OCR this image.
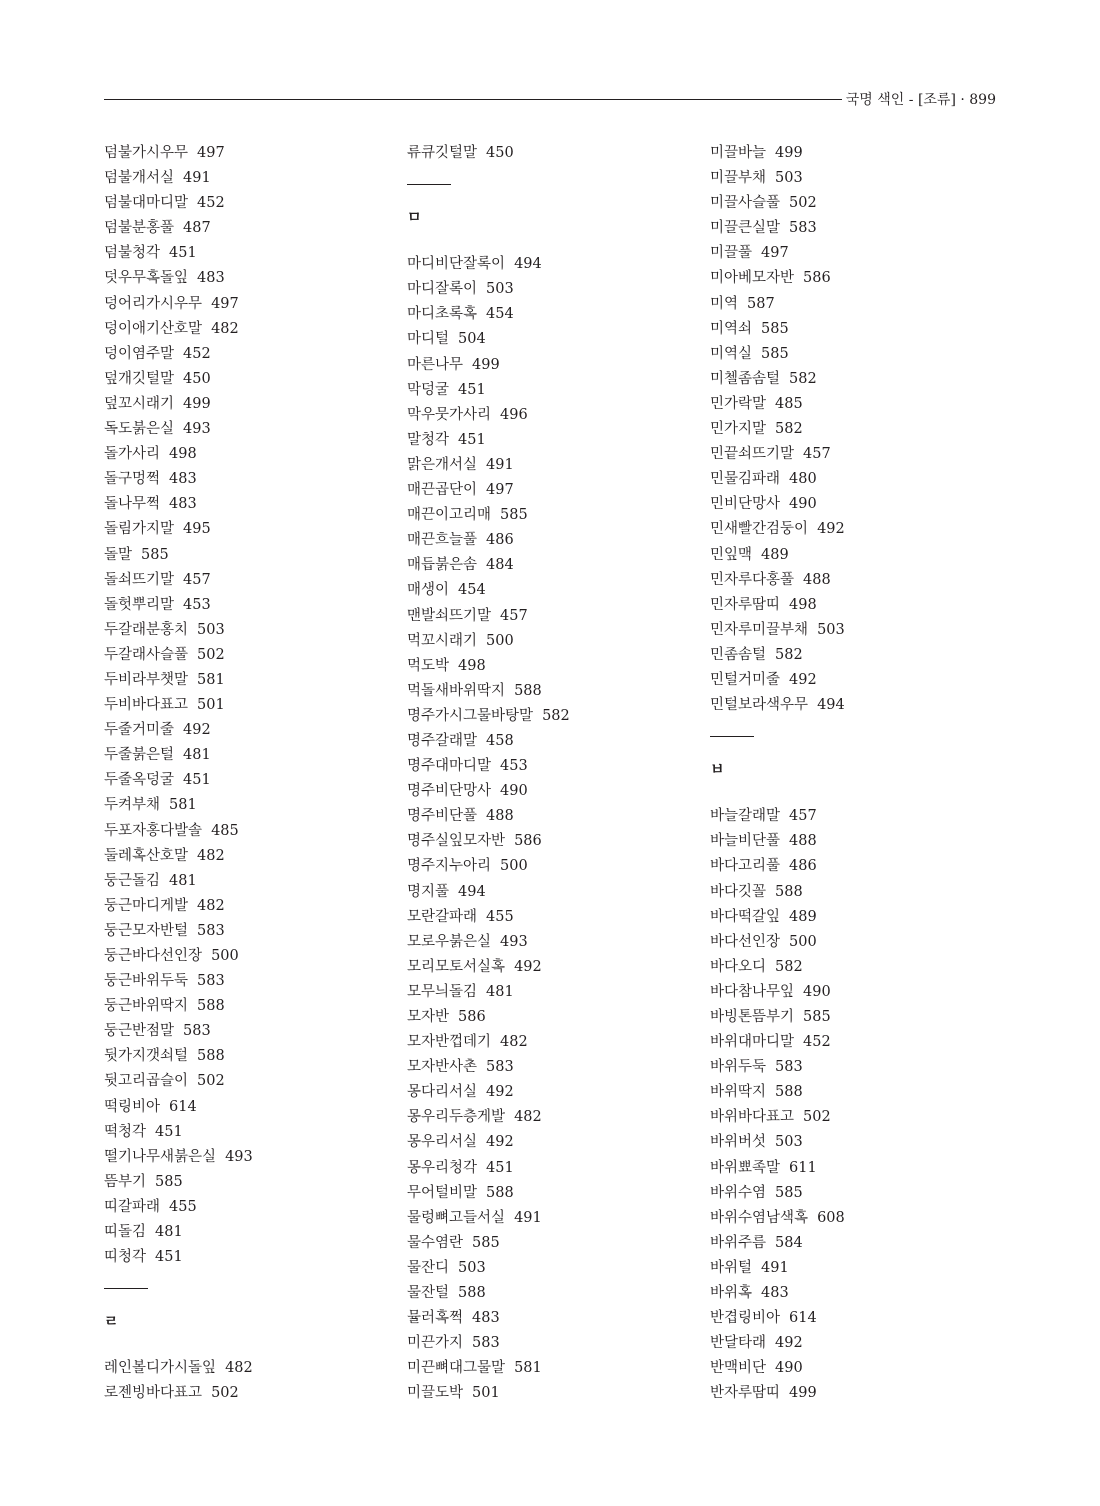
국명 색인 - [조류] · 899
덤불가시우무 497
덤불개서실 491
덤불대마디말 452
덤불분홍풀 487
덤불청각 451
덧우무혹돌잎 483
덩어리가시우무 497
덩이애기산호말 482
덩이염주말 452
덮개깃털말 450
덮꼬시래기 499
독도붉은실 493
돌가사리 498
돌구멍쩍 483
돌나무쩍 483
돌림가지말 495
돌말 585
돌쇠뜨기말 457
돌헛뿌리말 453
두갈래분홍치 503
두갈래사슬풀 502
두비라부챗말 581
두비바다표고 501
두줄거미줄 492
두줄붉은털 481
두줄옥덩굴 451
두켜부채 581
두포자홍다발솔 485
둘레혹산호말 482
둥근돌김 481
둥근마디게발 482
둥근모자반털 583
둥근바다선인장 500
둥근바위두둑 583
둥근바위딱지 588
둥근반점말 583
뒷가지갯쇠털 588
뒷고리곱슬이 502
떡링비아 614
떡청각 451
떨기나무새붉은실 493
뜸부기 585
띠갈파래 455
띠돌김 481
띠청각 451
ㄹ
레인볼디가시돌잎 482
로젠빙바다표고 502
류큐깃털말 450
ㅁ
마디비단잘록이 494
마디잘록이 503
마디초록혹 454
마디털 504
마른나무 499
막덩굴 451
막우뭇가사리 496
말청각 451
맑은개서실 491
매끈곱단이 497
매끈이고리매 585
매끈흐늘풀 486
매듭붉은솜 484
매생이 454
맨발쇠뜨기말 457
먹꼬시래기 500
먹도박 498
먹돌새바위딱지 588
명주가시그물바탕말 582
명주갈래말 458
명주대마디말 453
명주비단망사 490
명주비단풀 488
명주실잎모자반 586
명주지누아리 500
명지풀 494
모란갈파래 455
모로우붉은실 493
모리모토서실혹 492
모무늬돌김 481
모자반 586
모자반껍데기 482
모자반사촌 583
몽다리서실 492
몽우리두층게발 482
몽우리서실 492
몽우리청각 451
무어털비말 588
물렁뼈고들서실 491
물수염란 585
물잔디 503
물잔털 588
뮬러혹쩍 483
미끈가지 583
미끈뼈대그물말 581
미끌도박 501
미끌바늘 499
미끌부채 503
미끌사슬풀 502
미끌큰실말 583
미끌풀 497
미아베모자반 586
미역 587
미역쇠 585
미역실 585
미첼좀솜털 582
민가락말 485
민가지말 582
민끝쇠뜨기말 457
민물김파래 480
민비단망사 490
민새빨간검둥이 492
민잎맥 489
민자루다홍풀 488
민자루땀띠 498
민자루미끌부채 503
민좀솜털 582
민털거미줄 492
민털보라색우무 494
ㅂ
바늘갈래말 457
바늘비단풀 488
바다고리풀 486
바다깃꼴 588
바다떡갈잎 489
바다선인장 500
바다오디 582
바다참나무잎 490
바빙톤뜸부기 585
바위대마디말 452
바위두둑 583
바위딱지 588
바위바다표고 502
바위버섯 503
바위뾰족말 611
바위수염 585
바위수염남색혹 608
바위주름 584
바위털 491
바위혹 483
반겹링비아 614
반달타래 492
반맥비단 490
반자루땀띠 499
